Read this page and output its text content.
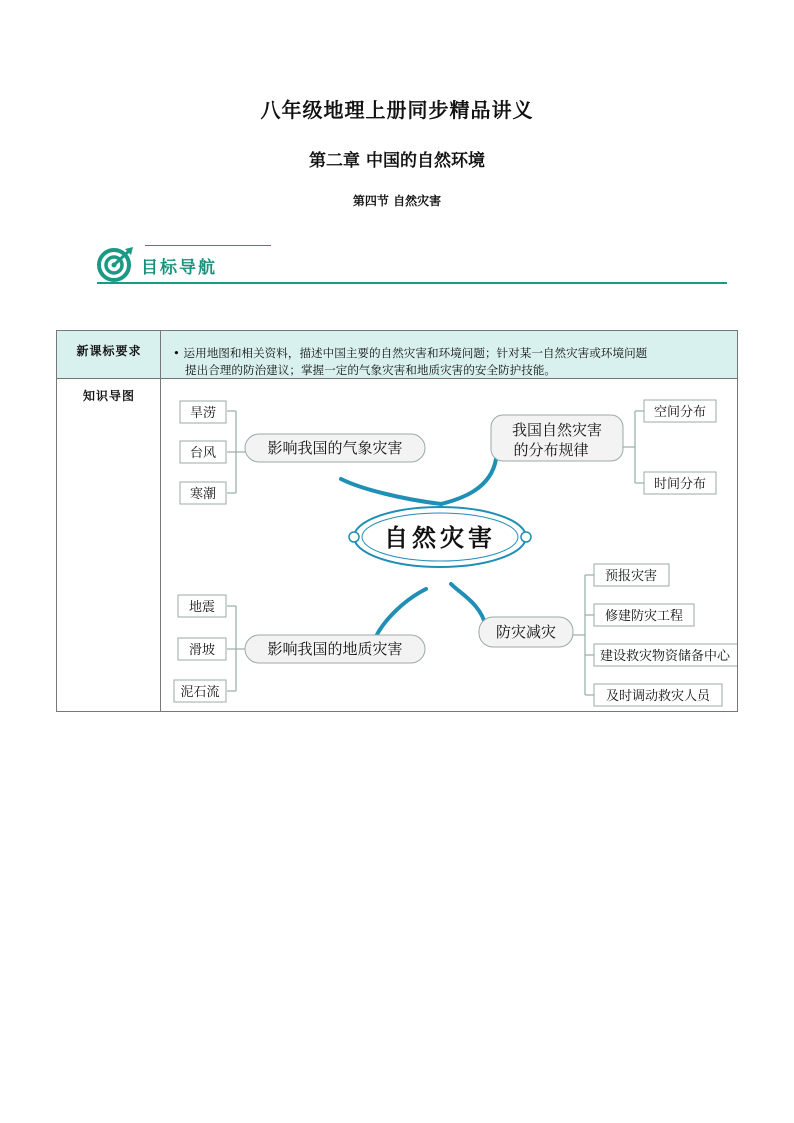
八年级地理上册同步精品讲义
第二章 中国的自然环境
第四节 自然灾害
目标导航
新课标要求	• 运用地图和相关资料，描述中国主要的自然灾害和环境问题；针对某一自然灾害或环境问题
提出合理的防治建议；掌握一定的气象灾害和地质灾害的安全防护技能。
知识导图
自然灾害
影响我国的气象灾害
我国自然灾害
的分布规律
影响我国的地质灾害
防灾减灾
旱涝
台风
寒潮
空间分布
时间分布
地震
滑坡
泥石流
预报灾害
修建防灾工程
建设救灾物资储备中心
及时调动救灾人员
